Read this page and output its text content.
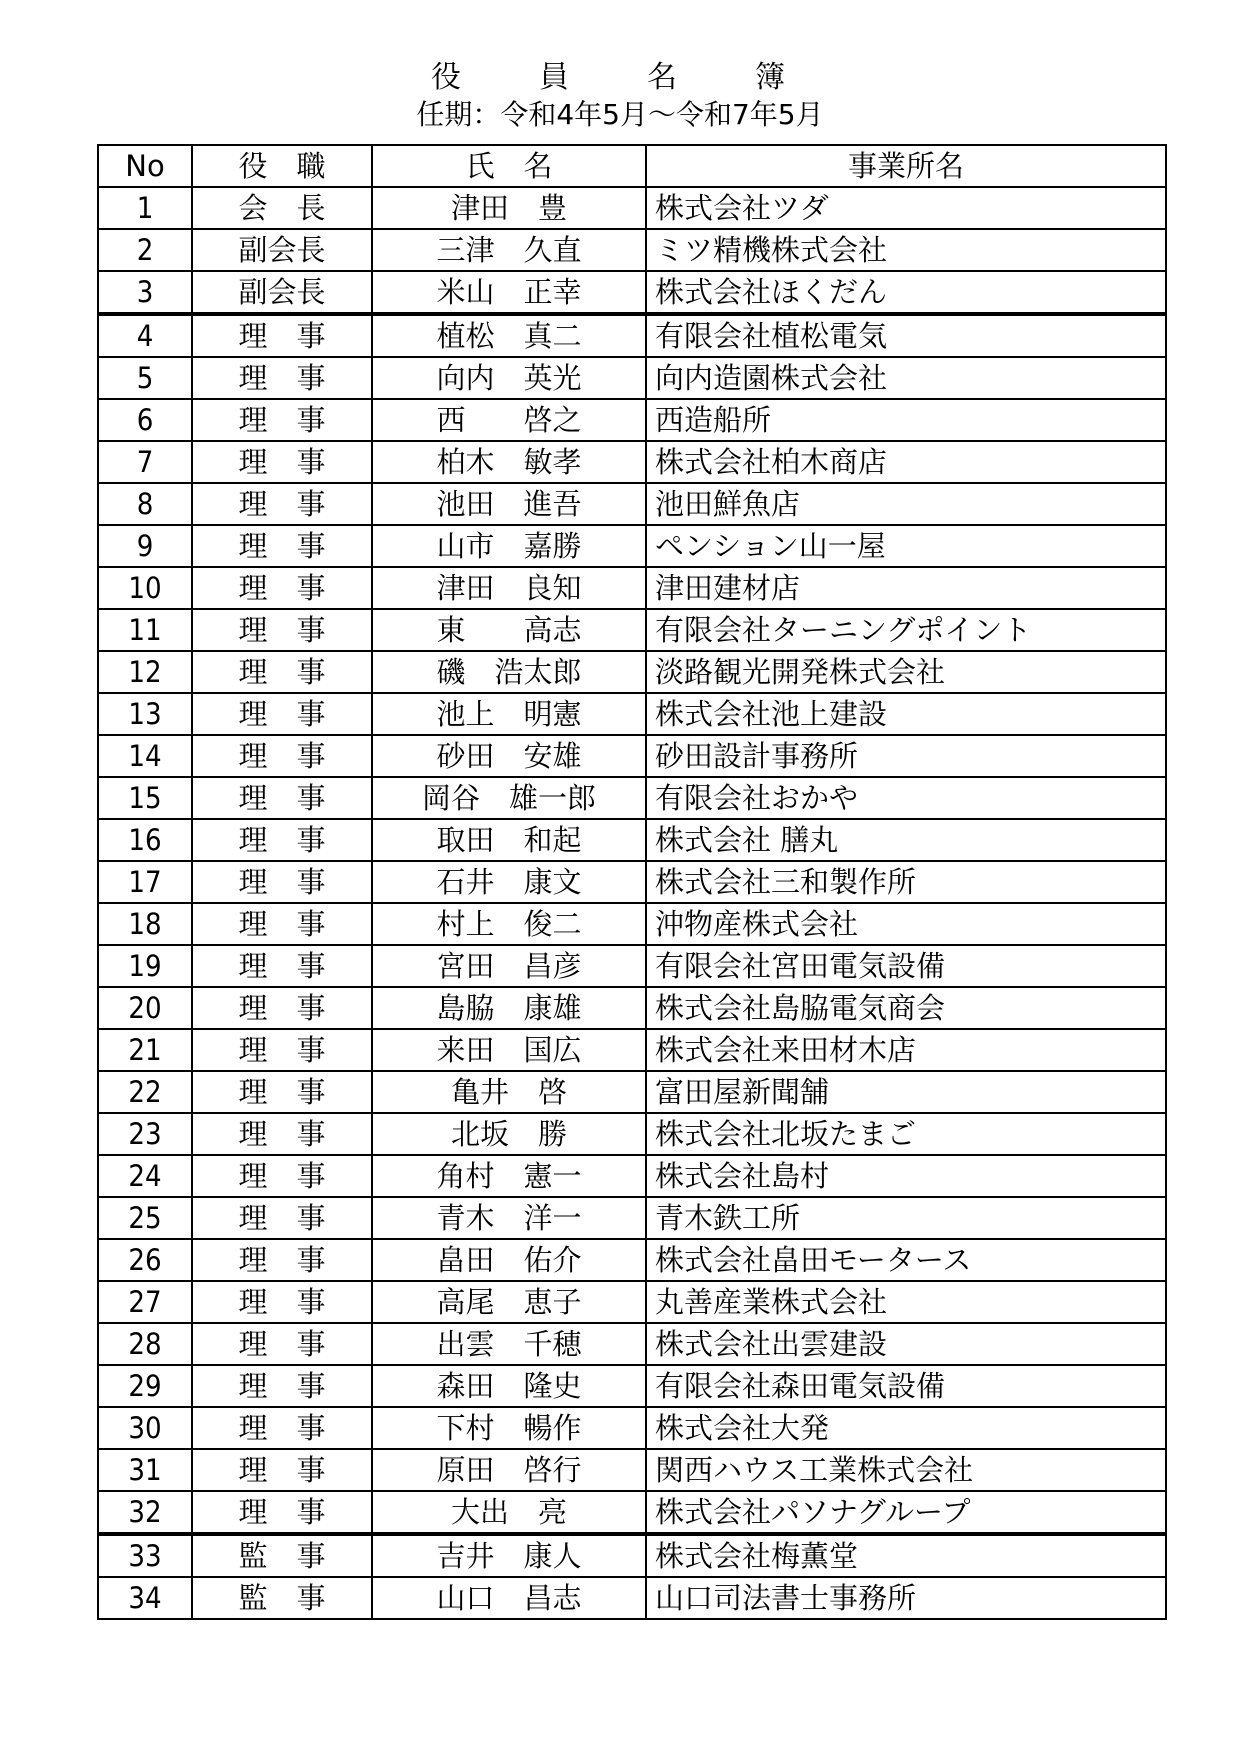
役　員　名　簿
任期：令和4年5月～令和7年5月
No	役　職	氏　名	事業所名
1	会　長	津田　豊	株式会社ツダ
2	副会長	三津　久直	ミツ精機株式会社
3	副会長	米山　正幸	株式会社ほくだん
4	理　事	植松　真二	有限会社植松電気
5	理　事	向内　英光	向内造園株式会社
6	理　事	西　　啓之	西造船所
7	理　事	柏木　敏孝	株式会社柏木商店
8	理　事	池田　進吾	池田鮮魚店
9	理　事	山市　嘉勝	ペンション山一屋
10	理　事	津田　良知	津田建材店
11	理　事	東　　高志	有限会社ターニングポイント
12	理　事	磯　浩太郎	淡路観光開発株式会社
13	理　事	池上　明憲	株式会社池上建設
14	理　事	砂田　安雄	砂田設計事務所
15	理　事	岡谷　雄一郎	有限会社おかや
16	理　事	取田　和起	株式会社 膳丸
17	理　事	石井　康文	株式会社三和製作所
18	理　事	村上　俊二	沖物産株式会社
19	理　事	宮田　昌彦	有限会社宮田電気設備
20	理　事	島脇　康雄	株式会社島脇電気商会
21	理　事	来田　国広	株式会社来田材木店
22	理　事	亀井　啓	富田屋新聞舗
23	理　事	北坂　勝	株式会社北坂たまご
24	理　事	角村　憲一	株式会社島村
25	理　事	青木　洋一	青木鉄工所
26	理　事	畠田　佑介	株式会社畠田モータース
27	理　事	高尾　恵子	丸善産業株式会社
28	理　事	出雲　千穂	株式会社出雲建設
29	理　事	森田　隆史	有限会社森田電気設備
30	理　事	下村　暢作	株式会社大発
31	理　事	原田　啓行	関西ハウス工業株式会社
32	理　事	大出　亮	株式会社パソナグループ
33	監　事	吉井　康人	株式会社梅薫堂
34	監　事	山口　昌志	山口司法書士事務所
